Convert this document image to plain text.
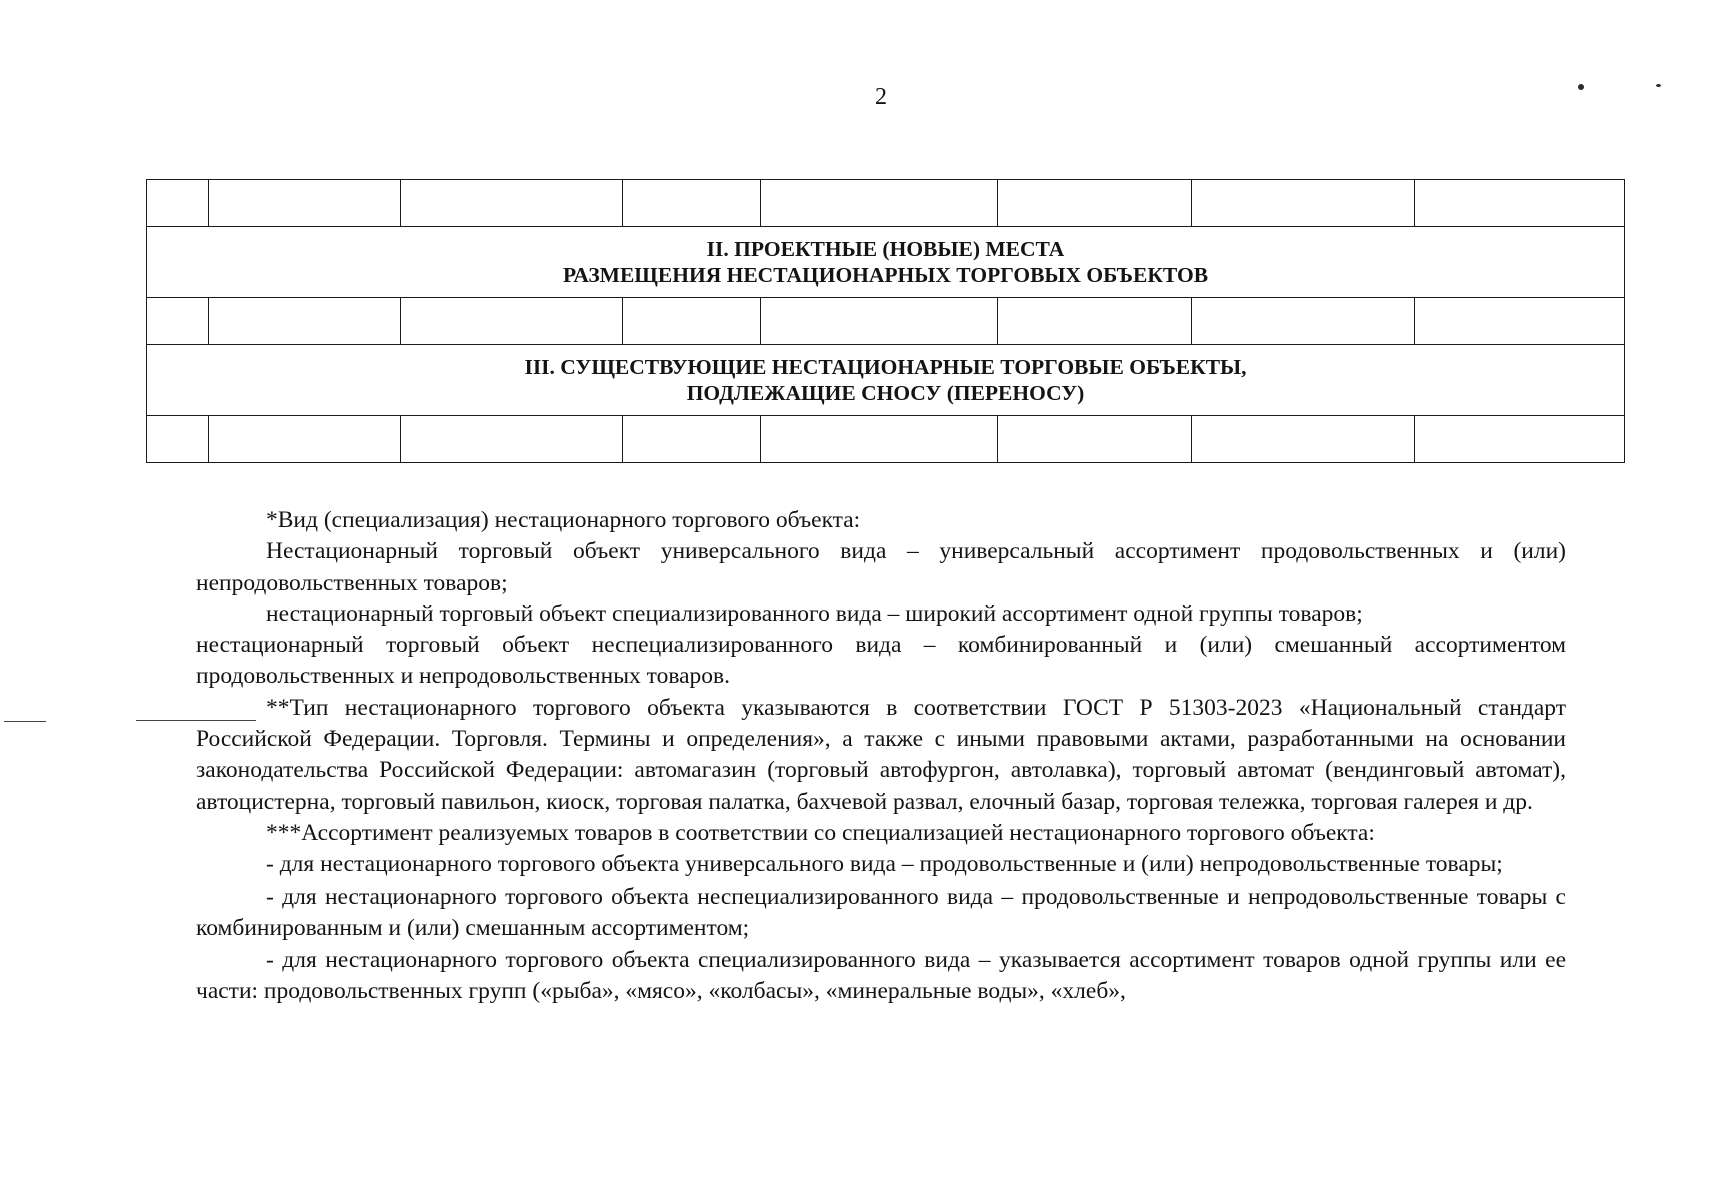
2

II. ПРОЕКТНЫЕ (НОВЫЕ) МЕСТА
РАЗМЕЩЕНИЯ НЕСТАЦИОНАРНЫХ ТОРГОВЫХ ОБЪЕКТОВ							

III. СУЩЕСТВУЮЩИЕ НЕСТАЦИОНАРНЫЕ ТОРГОВЫЕ ОБЪЕКТЫ,
ПОДЛЕЖАЩИЕ СНОСУ (ПЕРЕНОСУ)							

*Вид (специализация) нестационарного торгового объекта:

Нестационарный торговый объект универсального вида – универсальный ассортимент продовольственных и (или) непродовольственных товаров;

нестационарный торговый объект специализированного вида – широкий ассортимент одной группы товаров;

нестационарный торговый объект неспециализированного вида – комбинированный и (или) смешанный ассортиментом продовольственных и непродовольственных товаров.

**Тип нестационарного торгового объекта указываются в соответствии ГОСТ Р 51303-2023 «Национальный стандарт Российской Федерации. Торговля. Термины и определения», а также с иными правовыми актами, разработанными на основании законодательства Российской Федерации: автомагазин (торговый автофургон, автолавка), торговый автомат (вендинговый автомат), автоцистерна, торговый павильон, киоск, торговая палатка, бахчевой развал, елочный базар, торговая тележка, торговая галерея и др.

***Ассортимент реализуемых товаров в соответствии со специализацией нестационарного торгового объекта:

- для нестационарного торгового объекта универсального вида – продовольственные и (или) непродовольственные товары;

- для нестационарного торгового объекта неспециализированного вида – продовольственные и непродовольственные товары с комбинированным и (или) смешанным ассортиментом;

- для нестационарного торгового объекта специализированного вида – указывается ассортимент товаров одной группы или ее части: продовольственных групп («рыба», «мясо», «колбасы», «минеральные воды», «хлеб»,
